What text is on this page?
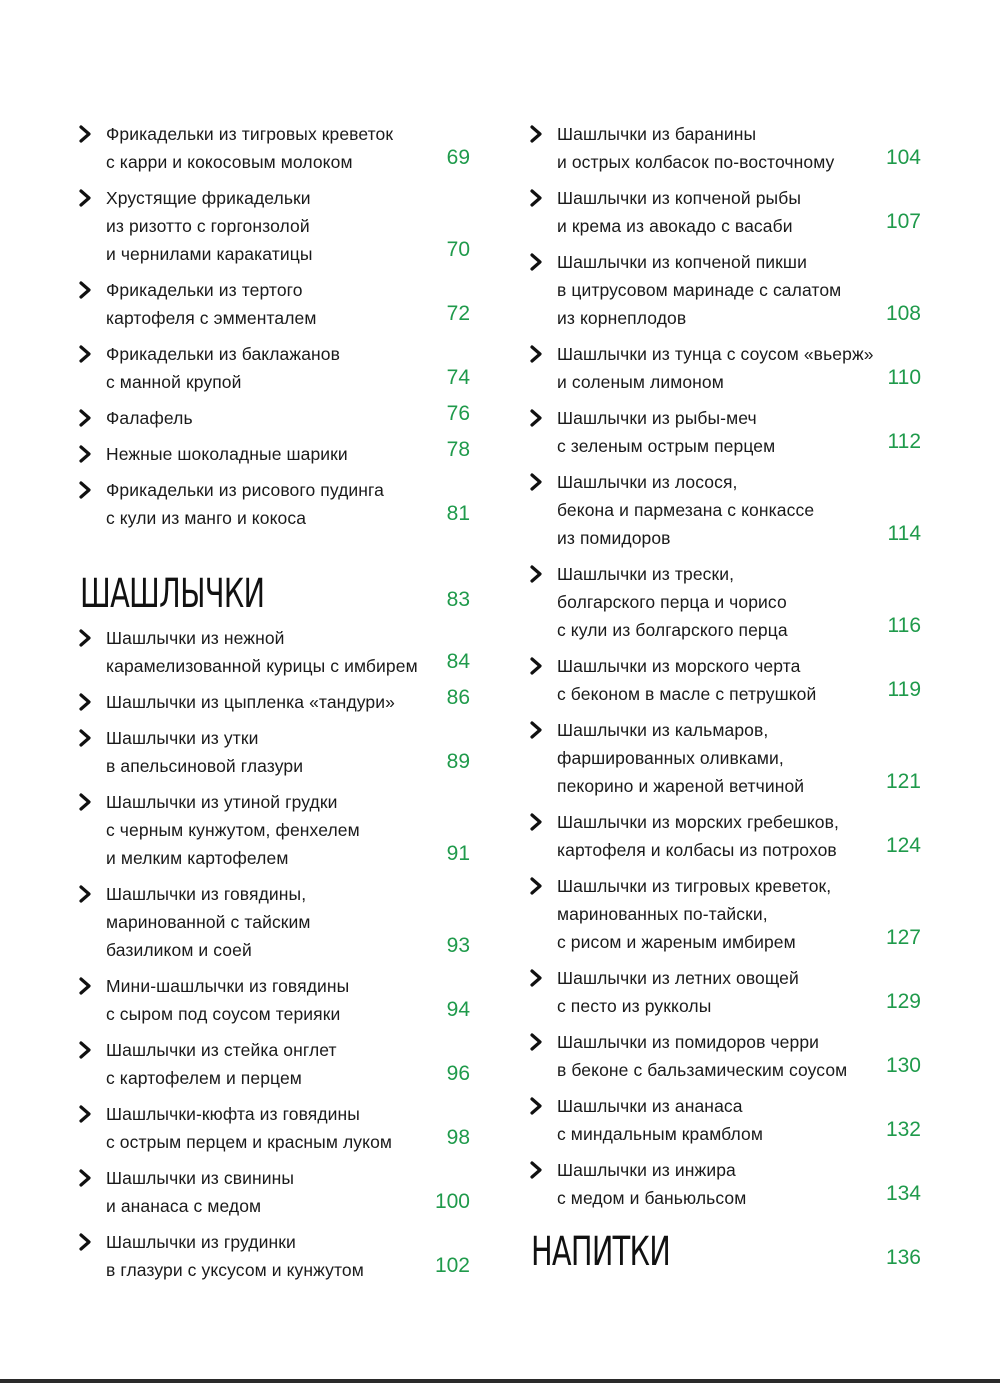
Фрикадельки из тигровых креветок
с карри и кокосовым молоком	69
Хрустящие фрикадельки
из ризотто с горгонзолой
и чернилами каракатицы	70
Фрикадельки из тертого
картофеля с эмменталем	72
Фрикадельки из баклажанов
с манной крупой	74
Фалафель	76
Нежные шоколадные шарики	78
Фрикадельки из рисового пудинга
с кули из манго и кокоса	81
ШАШЛЫЧКИ	83
Шашлычки из нежной
карамелизованной курицы с имбирем	84
Шашлычки из цыпленка «тандури»	86
Шашлычки из утки
в апельсиновой глазури	89
Шашлычки из утиной грудки
с черным кунжутом, фенхелем
и мелким картофелем	91
Шашлычки из говядины,
маринованной с тайским
базиликом и соей	93
Мини-шашлычки из говядины
с сыром под соусом терияки	94
Шашлычки из стейка онглет
с картофелем и перцем	96
Шашлычки-кюфта из говядины
с острым перцем и красным луком	98
Шашлычки из свинины
и ананаса с медом	100
Шашлычки из грудинки
в глазури с уксусом и кунжутом	102
Шашлычки из баранины
и острых колбасок по-восточному	104
Шашлычки из копченой рыбы
и крема из авокадо с васаби	107
Шашлычки из копченой пикши
в цитрусовом маринаде с салатом
из корнеплодов	108
Шашлычки из тунца с соусом «вьерж»
и соленым лимоном	110
Шашлычки из рыбы-меч
с зеленым острым перцем	112
Шашлычки из лосося,
бекона и пармезана с конкассе
из помидоров	114
Шашлычки из трески,
болгарского перца и чорисо
с кули из болгарского перца	116
Шашлычки из морского черта
с беконом в масле с петрушкой	119
Шашлычки из кальмаров,
фаршированных оливками,
пекорино и жареной ветчиной	121
Шашлычки из морских гребешков,
картофеля и колбасы из потрохов	124
Шашлычки из тигровых креветок,
маринованных по-тайски,
с рисом и жареным имбирем	127
Шашлычки из летних овощей
с песто из рукколы	129
Шашлычки из помидоров черри
в беконе с бальзамическим соусом	130
Шашлычки из ананаса
с миндальным крамблом	132
Шашлычки из инжира
с медом и баньюльсом	134
НАПИТКИ	136
